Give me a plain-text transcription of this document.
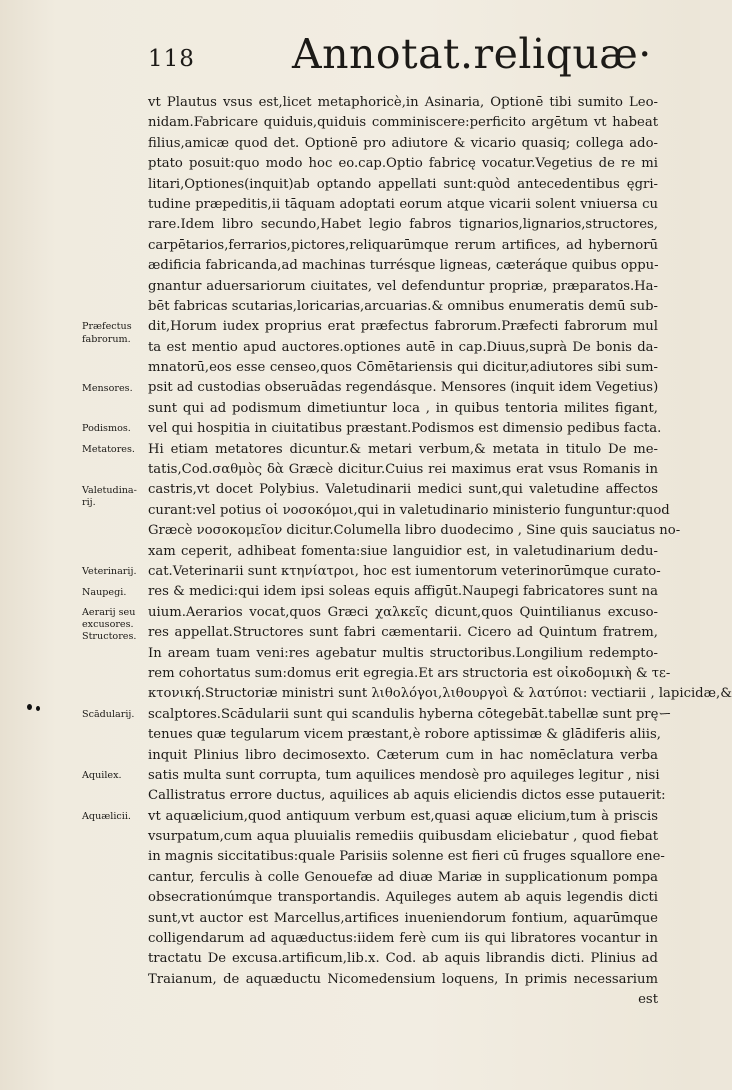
118 Annotat.reliquæ·
vt Plautus vsus est,licet metaphoricè,in Asinaria, Optionē tibi sumito Leo-
nidam.Fabricare quiduis,quiduis comminiscere:perficito argētum vt habeat
filius,amicæ quod det. Optionē pro adiutore & vicario quasiq; collega ado-
ptato posuit:quo modo hoc eo.cap.Optio fabricę vocatur.Vegetius de re mi
litari,Optiones(inquit)ab optando appellati sunt:quòd antecedentibus ęgri-
tudine præpeditis,ii tāquam adoptati eorum atque vicarii solent vniuersa cu
rare.Idem libro secundo,Habet legio fabros tignarios,lignarios,structores,
carpētarios,ferrarios,pictores,reliquarūmque rerum artifices, ad hybernorū
ædificia fabricanda,ad machinas turrésque ligneas, cæteráque quibus oppu-
gnantur aduersariorum ciuitates, vel defenduntur propriæ, præparatos.Ha-
bēt fabricas scutarias,loricarias,arcuarias.& omnibus enumeratis demū sub-
dit,Horum iudex proprius erat præfectus fabrorum.Præfecti fabrorum mul
ta est mentio apud auctores.optiones autē in cap.Diuus,suprà De bonis da-
mnatorū,eos esse censeo,quos Cōmētariensis qui dicitur,adiutores sibi sum-
psit ad custodias obseruādas regendásque. Mensores (inquit idem Vegetius)
sunt qui ad podismum dimetiuntur loca , in quibus tentoria milites figant,
vel qui hospitia in ciuitatibus præstant.Podismos est dimensio pedibus facta.
Hi etiam metatores dicuntur.& metari verbum,& metata in titulo De me-
tatis,Cod.σαθμὸς δὰ Græcè dicitur.Cuius rei maximus erat vsus Romanis in
castris,vt docet Polybius. Valetudinarii medici sunt,qui valetudine affectos
curant:vel potius οἱ νοσοκόμοι,qui in valetudinario ministerio funguntur:quod
Græcè νοσοκομεῖον dicitur.Columella libro duodecimo , Sine quis sauciatus no-
xam ceperit, adhibeat fomenta:siue languidior est, in valetudinarium dedu-
cat.Veterinarii sunt κτηνίατροι, hoc est iumentorum veterinorūmque curato-
res & medici:qui idem ipsi soleas equis affigūt.Naupegi fabricatores sunt na
uium.Aerarios vocat,quos Græci χαλκεῖς dicunt,quos Quintilianus excuso-
res appellat.Structores sunt fabri cæmentarii. Cicero ad Quintum fratrem,
In aream tuam veni:res agebatur multis structoribus.Longilium redempto-
rem cohortatus sum:domus erit egregia.Et ars structoria est οἰκοδομικὴ & τε-
κτονική.Structoriæ ministri sunt λιθολόγοι,λιθουργοὶ & λατύποι: vectiarii , lapicidæ,&
scalptores.Scādularii sunt qui scandulis hyberna cōtegebāt.tabellæ sunt pręー
tenues quæ tegularum vicem præstant,è robore aptissimæ & glādiferis aliis,
inquit Plinius libro decimosexto. Cæterum cum in hac nomēclatura verba
satis multa sunt corrupta, tum aquilices mendosè pro aquileges legitur , nisi
Callistratus errore ductus, aquilices ab aquis eliciendis dictos esse putauerit:
vt aquælicium,quod antiquum verbum est,quasi aquæ elicium,tum à priscis
vsurpatum,cum aqua pluuialis remediis quibusdam eliciebatur , quod fiebat
in magnis siccitatibus:quale Parisiis solenne est fieri cū fruges squallore ene-
cantur, ferculis à colle Genouefæ ad diuæ Mariæ in supplicationum pompa
obsecrationúmque transportandis. Aquileges autem ab aquis legendis dicti
sunt,vt auctor est Marcellus,artifices inueniendorum fontium, aquarūmque
colligendarum ad aquæductus:iidem ferè cum iis qui libratores vocantur in
tractatu De excusa.artificum,lib.x. Cod. ab aquis librandis dicti. Plinius ad
Traianum, de aquæductu Nicomedensium loquens, In primis necessarium
est
Præfectus
fabrorum.
Mensores.
Podismos.
Metatores.
Valetudina-
rij.
Veterinarij.
Naupegi.
Aerarij seu
excusores.
Structores.
Scādularij.
Aquilex.
Aquælicii.
